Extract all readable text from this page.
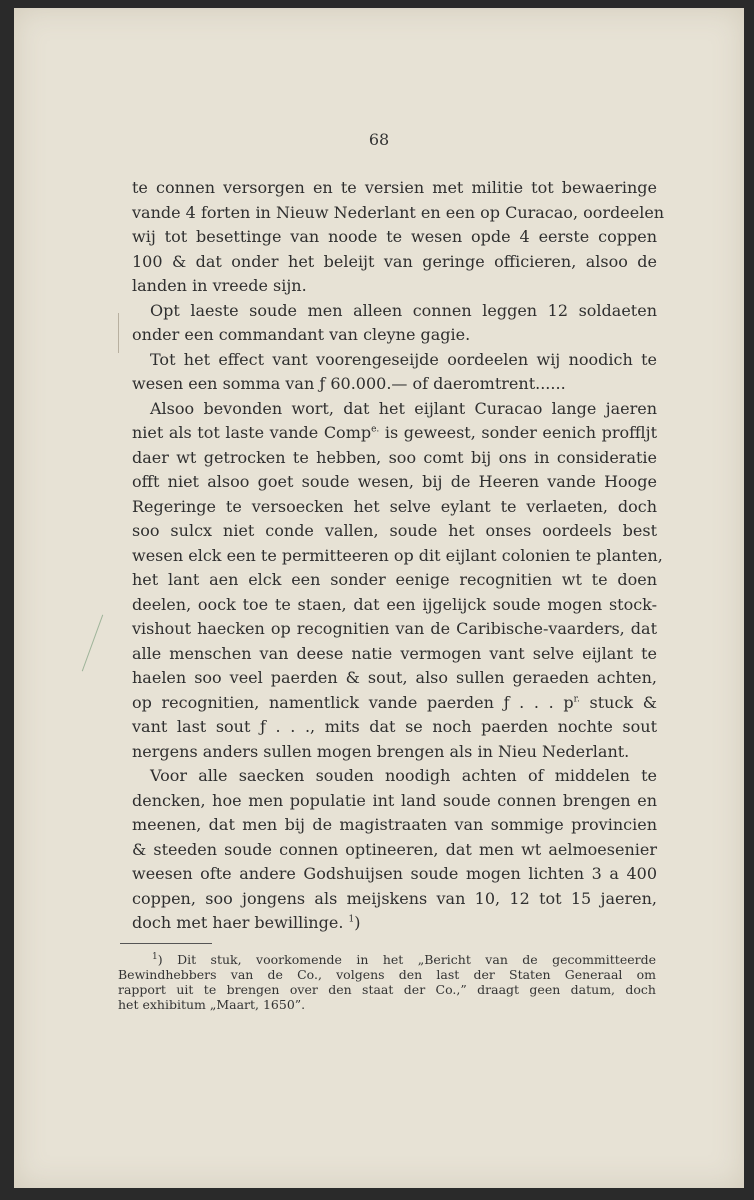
68
te connen versorgen en te versien met militie tot bewaeringe
vande 4 forten in Nieuw Nederlant en een op Curacao, oordeelen
wij tot besettinge van noode te wesen opde 4 eerste coppen
100 & dat onder het beleijt van geringe officieren, alsoo de
landen in vreede sijn.
Opt laeste soude men alleen connen leggen 12 soldaeten
onder een commandant van cleyne gagie.
Tot het effect vant voorengeseijde oordeelen wij noodich te
wesen een somma van ƒ 60.000.— of daeromtrent......
Alsoo bevonden wort, dat het eijlant Curacao lange jaeren
niet als tot laste vande Comp$^{e.}$ is geweest, sonder eenich profflјt
daer wt getrocken te hebben, soo comt bij ons in consideratie
offt niet alsoo goet soude wesen, bij de Heeren vande Hooge
Regeringe te versoecken het selve eylant te verlaeten, doch
soo sulcx niet conde vallen, soude het onses oordeels best
wesen elck een te permitteeren op dit eijlant colonien te planten,
het lant aen elck een sonder eenige recognitien wt te doen
deelen, oock toe te staen, dat een ijgelijck soude mogen stock-
vishout haecken op recognitien van de Caribische-vaarders, dat
alle menschen van deese natie vermogen vant selve eijlant te
haelen soo veel paerden & sout, also sullen geraeden achten,
op recognitien, namentlick vande paerden ƒ . . . $p^{r.}$ stuck &
vant last sout ƒ . . ., mits dat se noch paerden nochte sout
nergens anders sullen mogen brengen als in Nieu Nederlant.
Voor alle saecken souden noodigh achten of middelen te
dencken, hoe men populatie int land soude connen brengen en
meenen, dat men bij de magistraaten van sommige provincien
& steeden soude connen optineeren, dat men wt aelmoesenier
weesen ofte andere Godshuijsen soude mogen lichten 3 a 400
coppen, soo jongens als meijskens van 10, 12 tot 15 jaeren,
doch met haer bewillinge. $^1$)
$^1$) Dit stuk, voorkomende in het „Bericht van de gecommitteerde
Bewindhebbers van de Co., volgens den last der Staten Generaal om
rapport uit te brengen over den staat der Co.,” draagt geen datum, doch
het exhibitum „Maart, 1650”.
